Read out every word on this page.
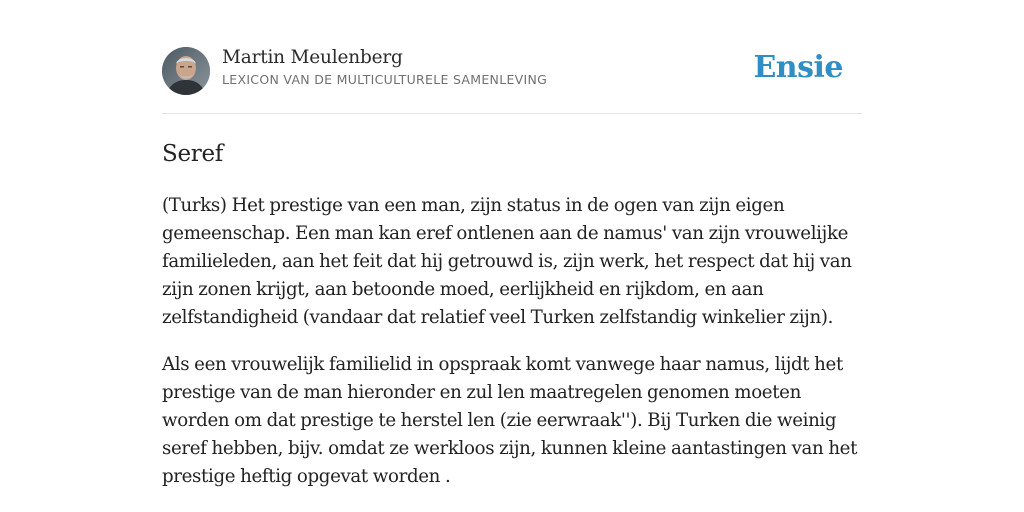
Martin Meulenberg
LEXICON VAN DE MULTICULTURELE SAMENLEVING	Ensie
Seref

(Turks) Het prestige van een man, zijn status in de ogen van zijn eigen gemeenschap. Een man kan eref ontlenen aan de namus' van zijn vrouwelijke familieleden, aan het feit dat hij getrouwd is, zijn werk, het respect dat hij van zijn zonen krijgt, aan betoonde moed, eerlijkheid en rijkdom, en aan zelfstandigheid (vandaar dat relatief veel Turken zelfstandig winkelier zijn).

Als een vrouwelijk familielid in opspraak komt vanwege haar namus, lijdt het prestige van de man hieronder en zul len maatregelen genomen moeten worden om dat prestige te herstel len (zie eerwraak''). Bij Turken die weinig seref hebben, bijv. omdat ze werkloos zijn, kunnen kleine aantastingen van het prestige heftig opgevat worden .
